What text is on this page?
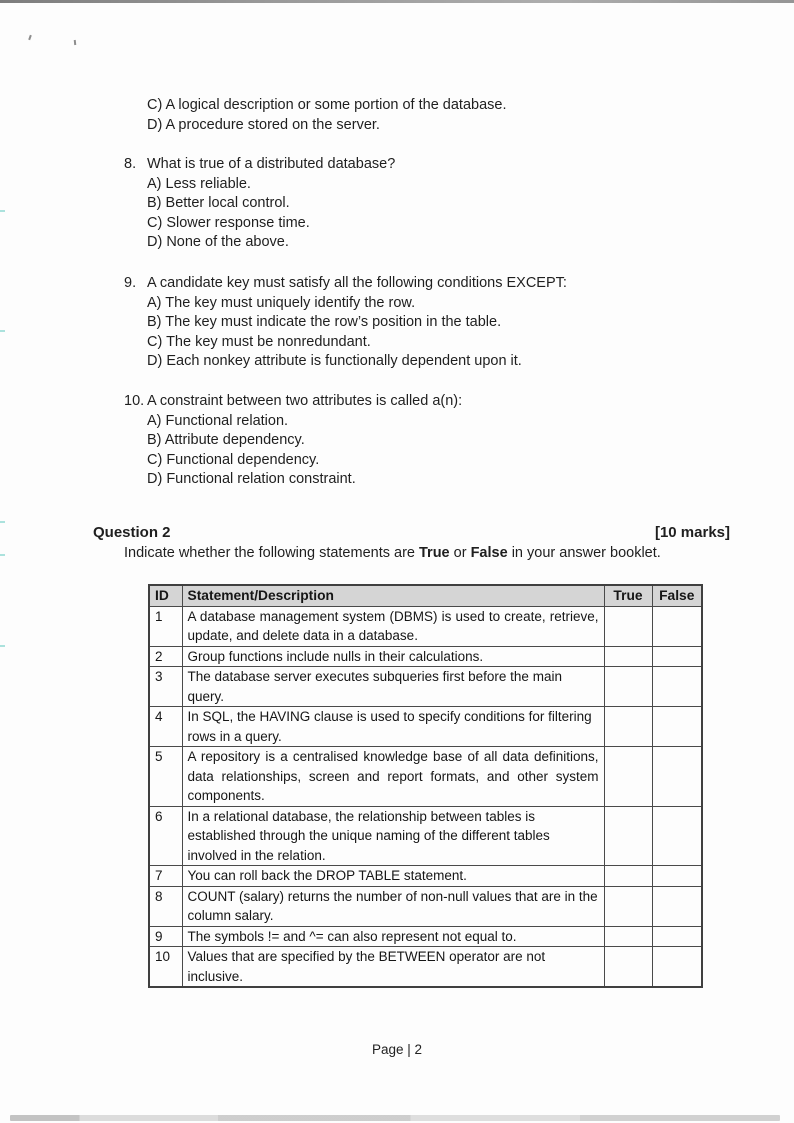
C) A logical description or some portion of the database.
D) A procedure stored on the server.
8. What is true of a distributed database?
A) Less reliable.
B) Better local control.
C) Slower response time.
D) None of the above.
9. A candidate key must satisfy all the following conditions EXCEPT:
A) The key must uniquely identify the row.
B) The key must indicate the row’s position in the table.
C) The key must be nonredundant.
D) Each nonkey attribute is functionally dependent upon it.
10. A constraint between two attributes is called a(n):
A) Functional relation.
B) Attribute dependency.
C) Functional dependency.
D) Functional relation constraint.
Question 2	[10 marks]
Indicate whether the following statements are True or False in your answer booklet.
ID	Statement/Description	True	False
1	A database management system (DBMS) is used to create, retrieve, update, and delete data in a database.		
2	Group functions include nulls in their calculations.		
3	The database server executes subqueries first before the main query.		
4	In SQL, the HAVING clause is used to specify conditions for filtering rows in a query.		
5	A repository is a centralised knowledge base of all data definitions, data relationships, screen and report formats, and other system components.		
6	In a relational database, the relationship between tables is established through the unique naming of the different tables involved in the relation.		
7	You can roll back the DROP TABLE statement.		
8	COUNT (salary) returns the number of non-null values that are in the column salary.		
9	The symbols != and ^= can also represent not equal to.		
10	Values that are specified by the BETWEEN operator are not inclusive.		
Page | 2
